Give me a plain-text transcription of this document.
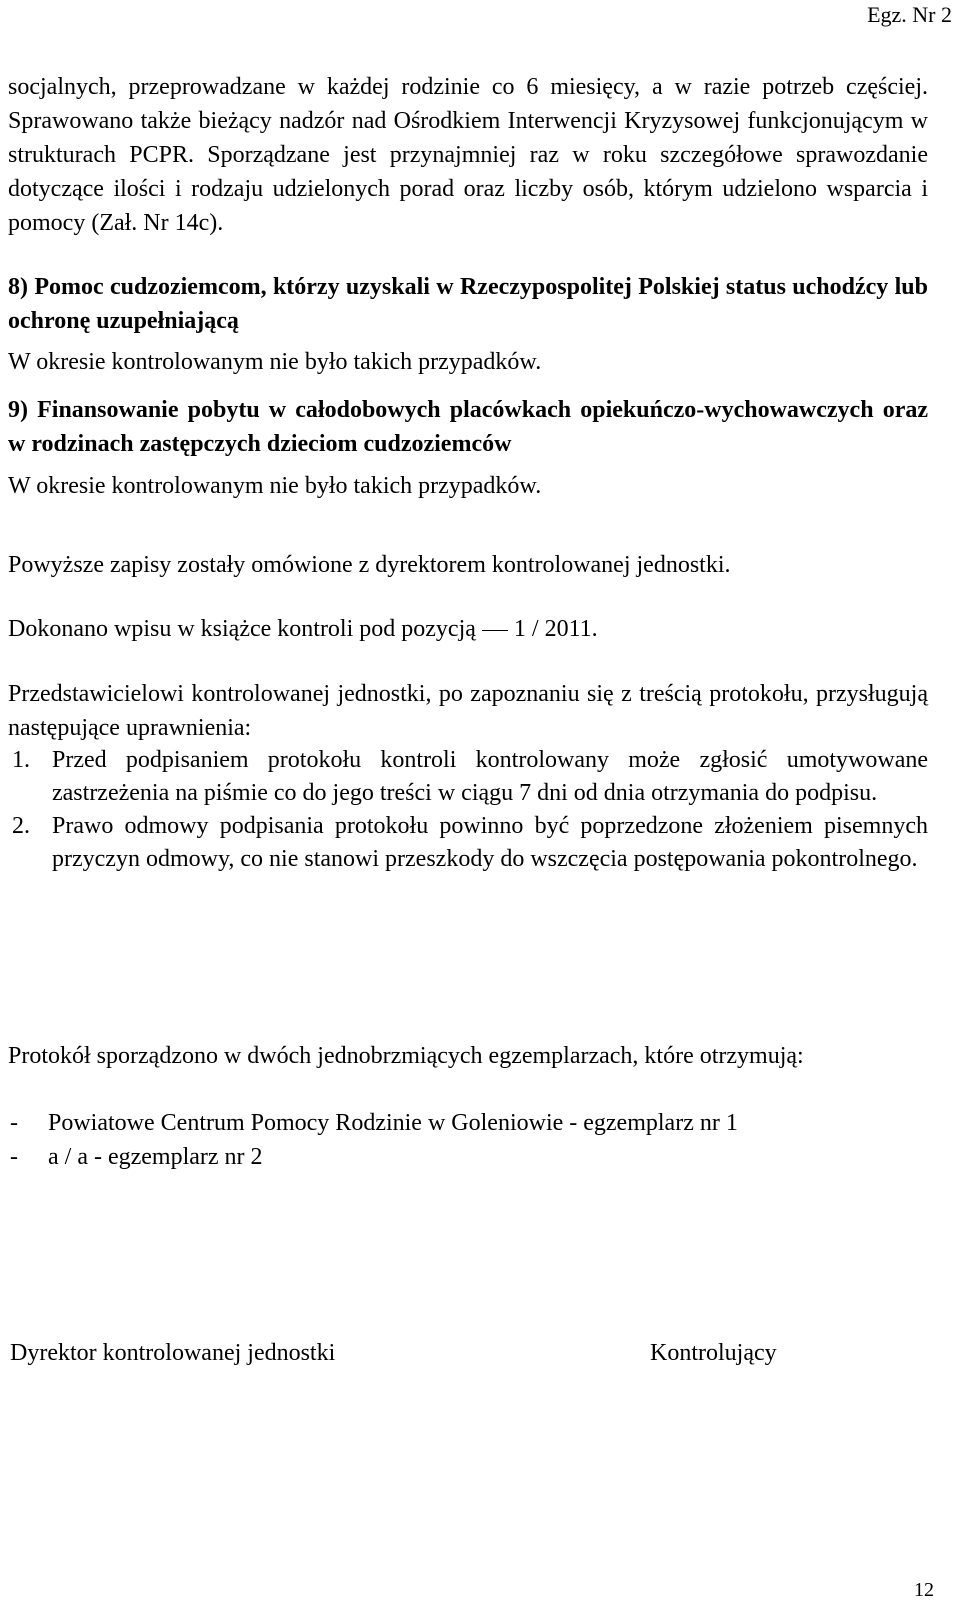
Egz. Nr 2

socjalnych, przeprowadzane w każdej rodzinie co 6 miesięcy, a w razie potrzeb częściej. Sprawowano także bieżący nadzór nad Ośrodkiem Interwencji Kryzysowej funkcjonującym w strukturach PCPR. Sporządzane jest przynajmniej raz w roku szczegółowe sprawozdanie dotyczące ilości i rodzaju udzielonych porad oraz liczby osób, którym udzielono wsparcia i pomocy (Zał. Nr 14c).

8) Pomoc cudzoziemcom, którzy uzyskali w Rzeczypospolitej Polskiej status uchodźcy lub ochronę uzupełniającą

W okresie kontrolowanym nie było takich przypadków.

9) Finansowanie pobytu w całodobowych placówkach opiekuńczo-wychowawczych oraz w rodzinach zastępczych dzieciom cudzoziemców

W okresie kontrolowanym nie było takich przypadków.

Powyższe zapisy zostały omówione z dyrektorem kontrolowanej jednostki.

Dokonano wpisu w książce kontroli pod pozycją 1 / 2011.

Przedstawicielowi kontrolowanej jednostki, po zapoznaniu się z treścią protokołu, przysługują następujące uprawnienia:

1. Przed podpisaniem protokołu kontroli kontrolowany może zgłosić umotywowane zastrzeżenia na piśmie co do jego treści w ciągu 7 dni od dnia otrzymania do podpisu.
2. Prawo odmowy podpisania protokołu powinno być poprzedzone złożeniem pisemnych przyczyn odmowy, co nie stanowi przeszkody do wszczęcia postępowania pokontrolnego.

Protokół sporządzono w dwóch jednobrzmiących egzemplarzach, które otrzymują:

- Powiatowe Centrum Pomocy Rodzinie w Goleniowie - egzemplarz nr 1
- a / a - egzemplarz nr 2
Dyrektor kontrolowanej jednostki	Kontrolujący
12
